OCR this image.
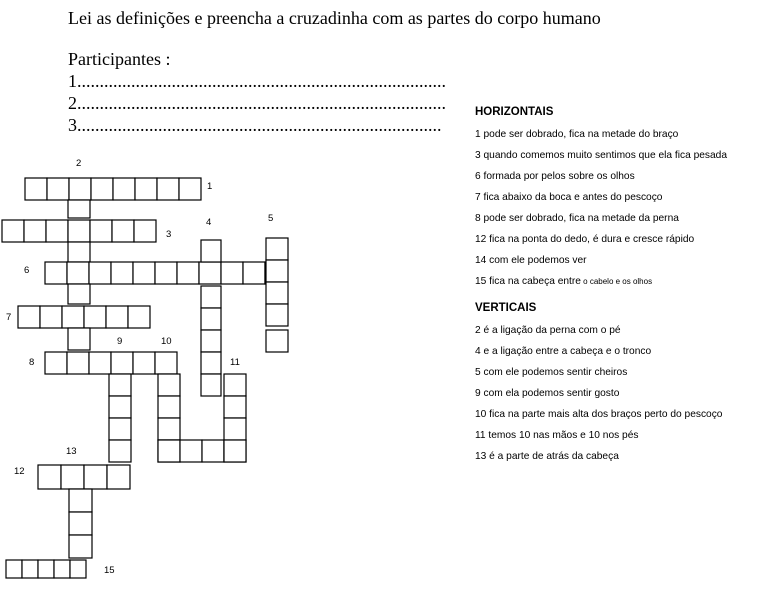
Lei as definições e preencha a cruzadinha com as partes do corpo humano
Participantes :
1..................................................................................
2..................................................................................
3.................................................................................
HORIZONTAIS
1 pode ser dobrado, fica na metade do braço
3 quando comemos muito sentimos que ela fica pesada
6 formada por pelos sobre os olhos
7 fica abaixo da boca e antes do pescoço
8 pode ser dobrado, fica na metade da perna
12 fica na ponta do dedo, é dura e cresce rápido
14 com ele podemos ver
15 fica na cabeça entre o cabelo e os olhos
VERTICAIS
2 é a ligação da perna com o pé
4 e a ligação entre a cabeça e o tronco
5 com ele podemos sentir cheiros
9 com ela podemos sentir gosto
10 fica na parte mais alta dos braços perto do pescoço
11 temos 10 nas mãos e 10 nos pés
13 é a parte de atrás da cabeça
2
1
4	5
3
6
7
9	10
8	11
13
12
15
